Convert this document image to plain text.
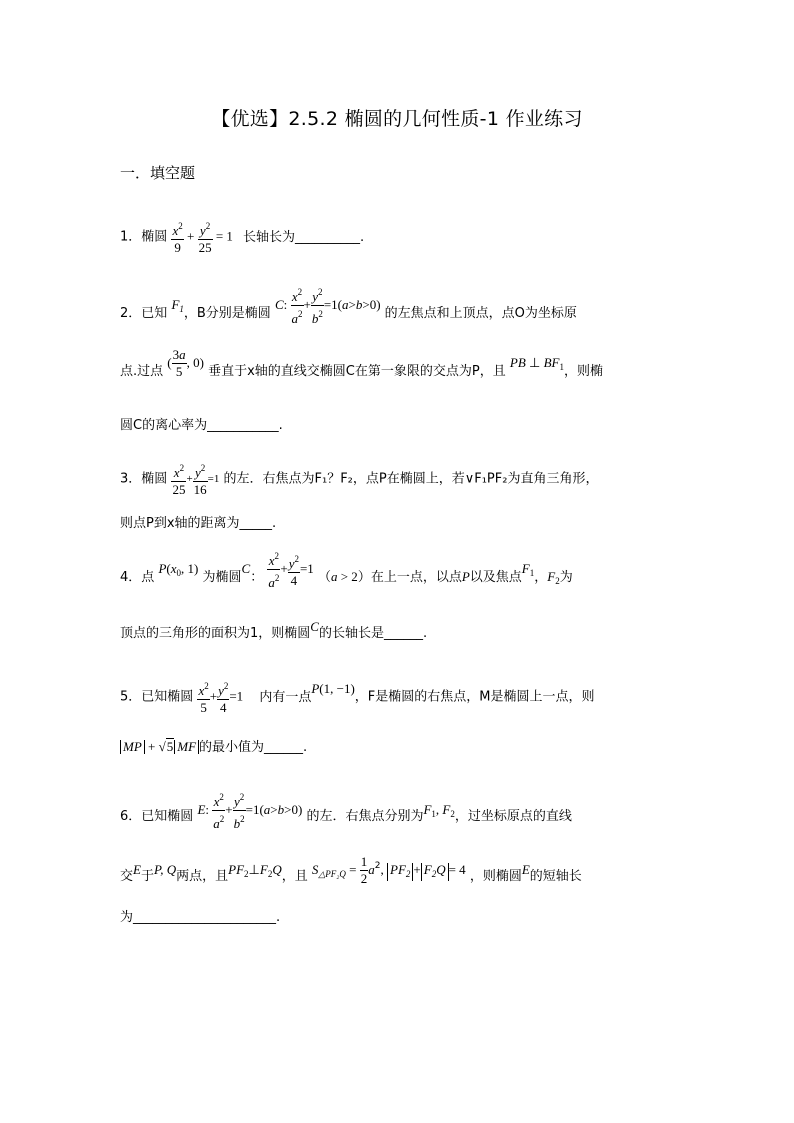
【优选】2.5.2 椭圆的几何性质-1 作业练习
一．填空题
1．椭圆 $\frac{x^2}{9} + \frac{y^2}{25} = 1$ 长轴长为__________.
2．已知 $F_1$，B分别是椭圆 C: $\frac{x^2}{a^2} + \frac{y^2}{b^2} =1(a>b>0)$ 的左焦点和上顶点，点O为坐标原
点.过点 ( $\frac{3a}{5}$ , 0) 垂直于x轴的直线交椭圆C在第一象限的交点为P，且 PB ⊥ $BF_1$，则椭
圆C的离心率为___________.
3．椭圆 $\frac{x^2}{25} + \frac{y^2}{16} =1$ 的左．右焦点为F₁？F₂，点P在椭圆上，若∨F₁PF₂为直角三角形，
则点P到x轴的距离为_____.
4．点 $P(x_0$, 1) 为椭圆C： $\frac{x^2}{a^2} + \frac{y^2}{4} =1$ （a > 2）在上一点，以点P以及焦点$F_1$，$F_2$为
顶点的三角形的面积为1，则椭圆C的长轴长是______.
5．已知椭圆 $\frac{x^2}{5} + \frac{y^2}{4} =1$ 内有一点P(1, −1)，F是椭圆的右焦点，M是椭圆上一点，则
MP + √5 MF 的最小值为______.
6．已知椭圆 E: $\frac{x^2}{a^2} + \frac{y^2}{b^2} =1(a>b>0)$ 的左．右焦点分别为$F_1$, $F_2$，过坐标原点的直线
交E于P, Q两点，且$PF_2\perp F_2Q$，且 $S_{\triangle PF_2Q} = \frac{1}{2} a^2$, $PF_2 + F_2Q = 4$ ，则椭圆E的短轴长
为______________________.
